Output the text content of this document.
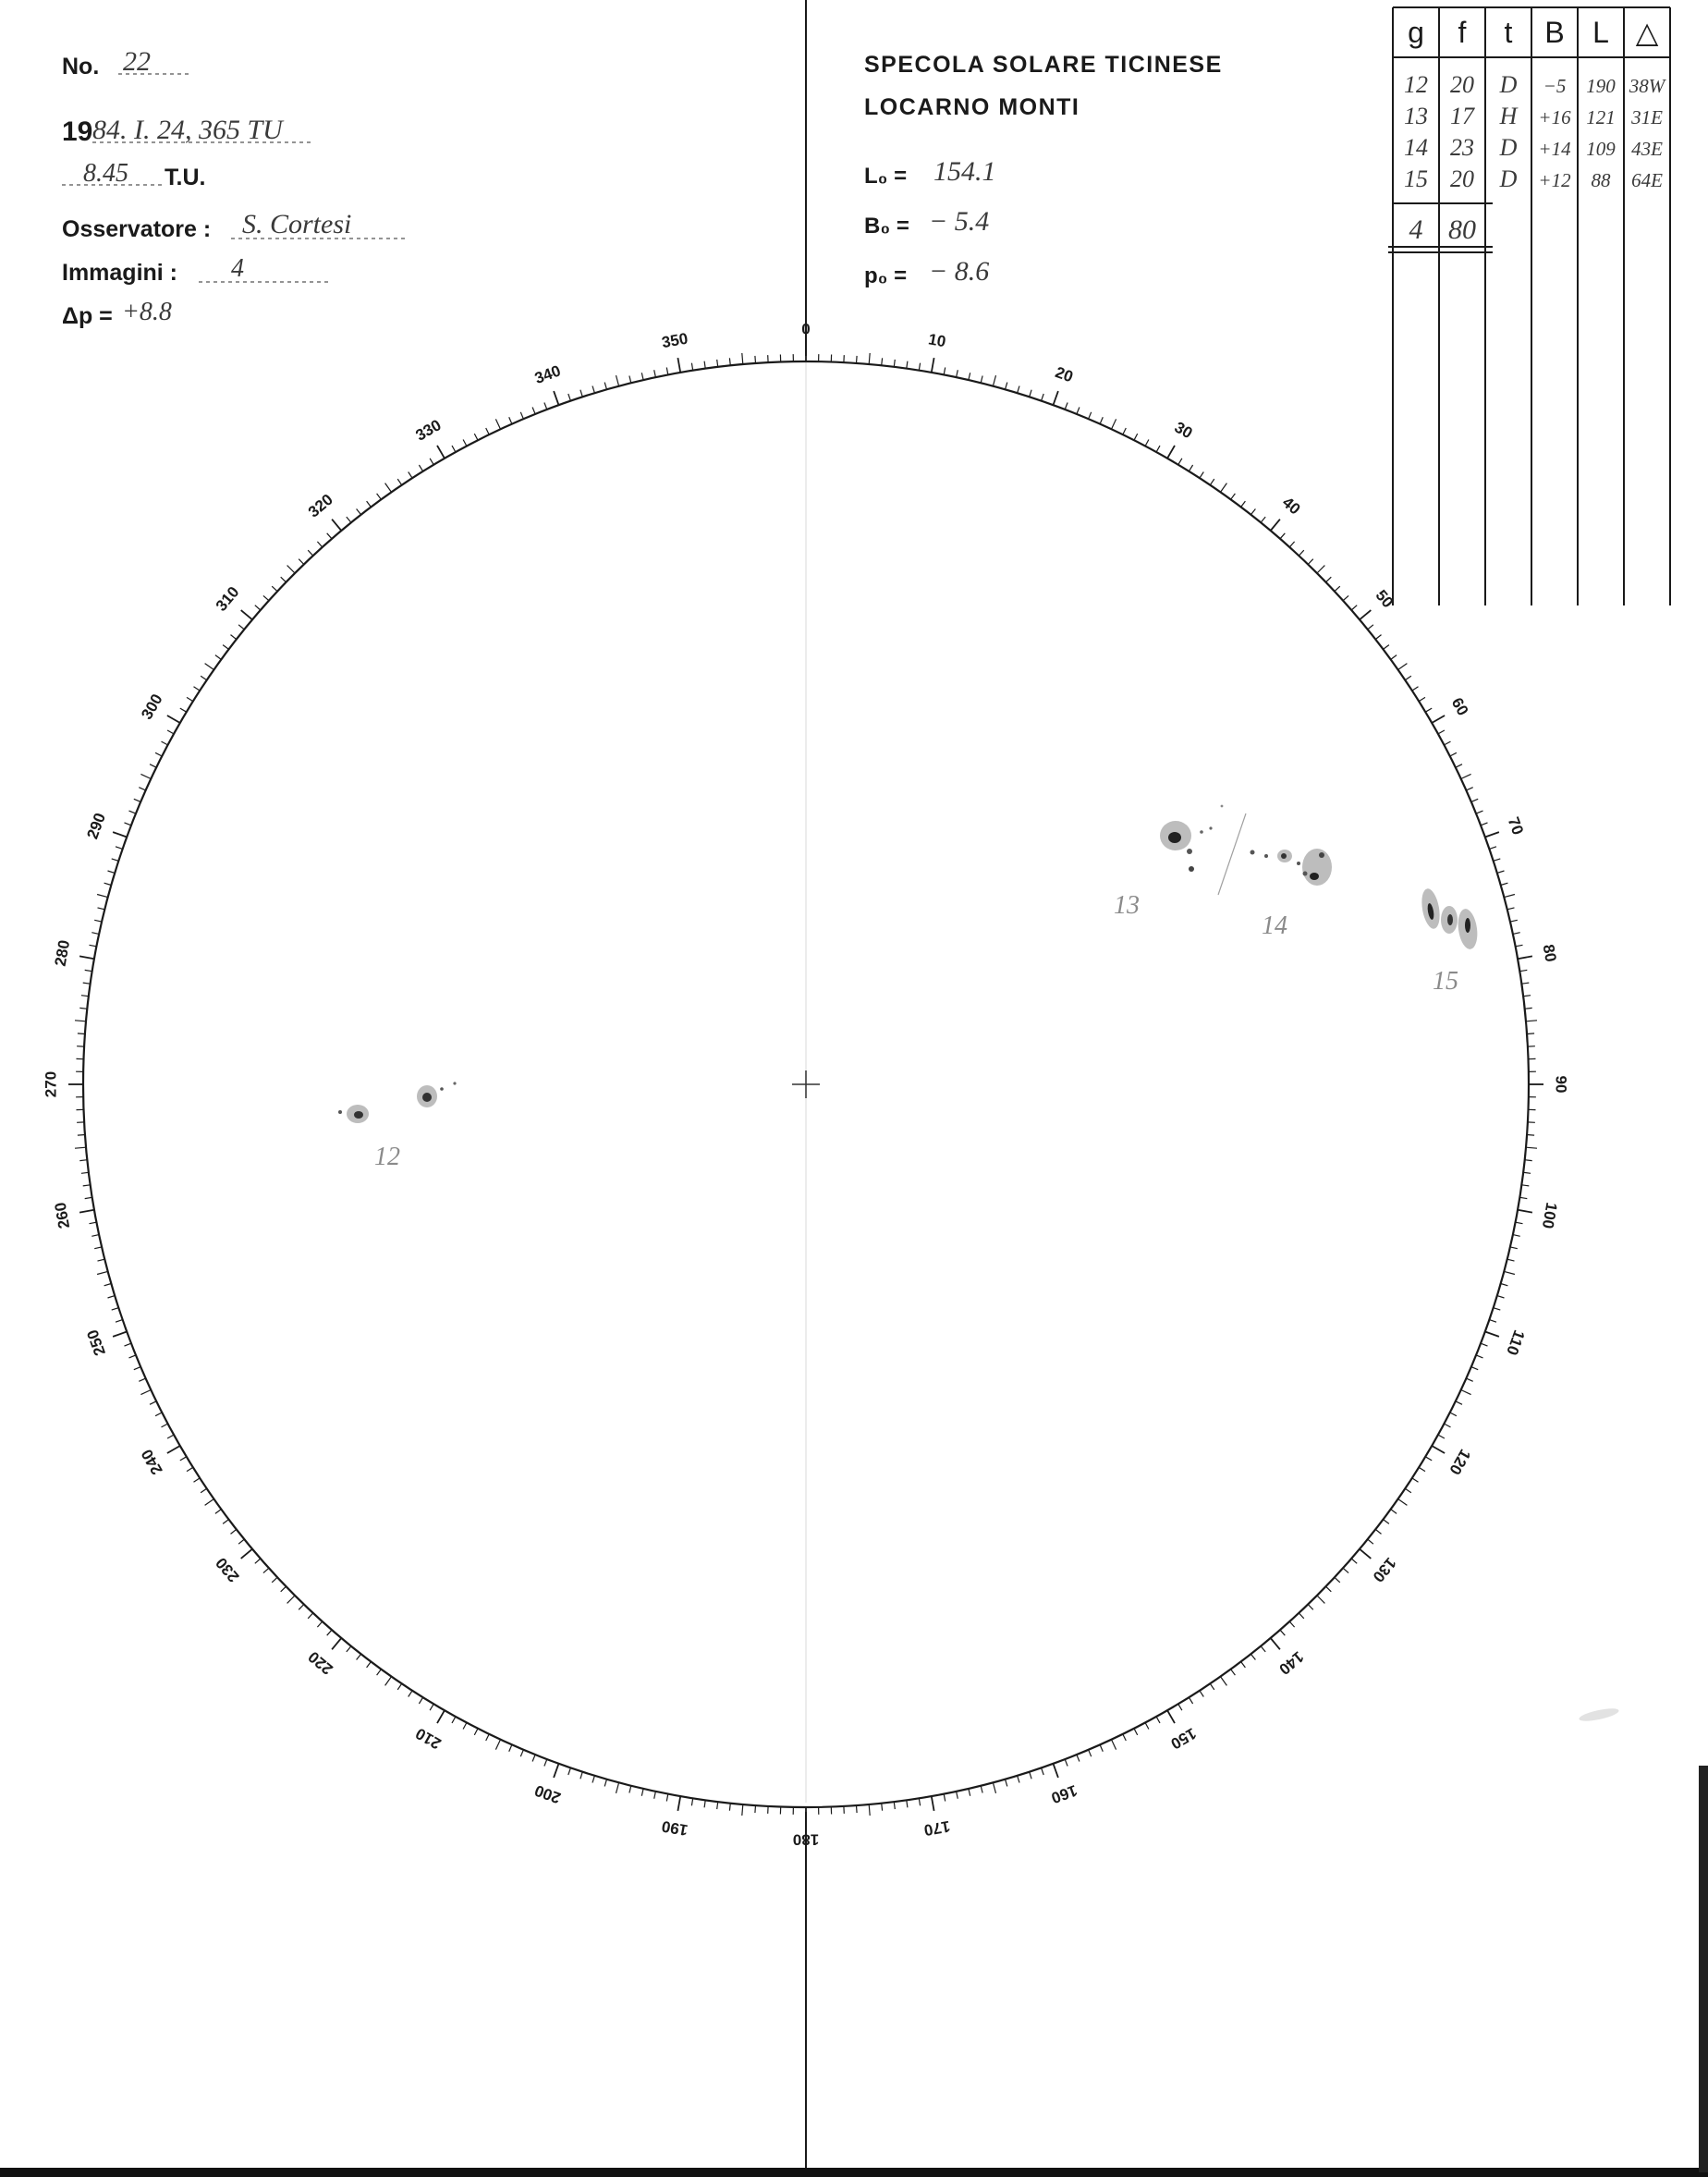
No. 22
19 84. I. 24, 365 TU
8.45 T.U.
Osservatore : S. Cortesi
Immagini : 4
Δp = +8.8
SPECOLA SOLARE TICINESE
LOCARNO MONTI
L₀ = 154.1
B₀ = − 5.4
p₀ = − 8.6
g f t B L △
12 20 D −5 190 38W
13 17 H +16 121 31E
14 23 D +14 109 43E
15 20 D +12 88 64E
4 80
0
10
20
30
40
50
60
70
80
90
100
110
120
130
140
150
160
170
180
190
200
210
220
230
240
250
260
270
280
290
300
310
320
330
340
350
12
13
14
15
